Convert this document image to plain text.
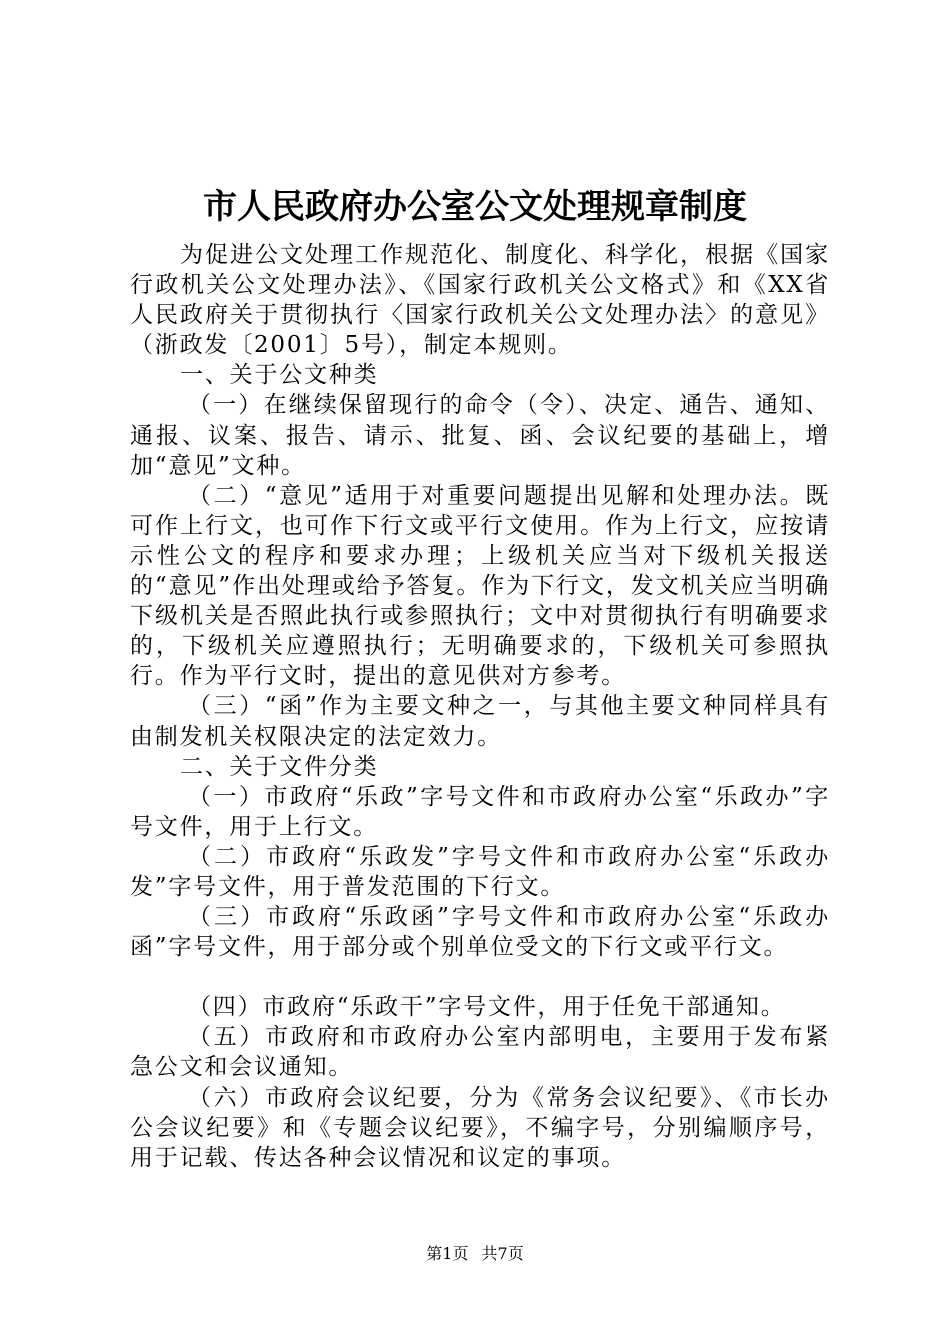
市人民政府办公室公文处理规章制度

为促进公文处理工作规范化、制度化、科学化，根据《国家行政机关公文处理办法》、《国家行政机关公文格式》和《XX省人民政府关于贯彻执行〈国家行政机关公文处理办法〉的意见》（浙政发〔2001〕5号），制定本规则。

一、关于公文种类

（一）在继续保留现行的命令（令）、决定、通告、通知、通报、议案、报告、请示、批复、函、会议纪要的基础上，增加“意见”文种。

（二）“意见”适用于对重要问题提出见解和处理办法。既可作上行文，也可作下行文或平行文使用。作为上行文，应按请示性公文的程序和要求办理；上级机关应当对下级机关报送的“意见”作出处理或给予答复。作为下行文，发文机关应当明确下级机关是否照此执行或参照执行；文中对贯彻执行有明确要求的，下级机关应遵照执行；无明确要求的，下级机关可参照执行。作为平行文时，提出的意见供对方参考。

（三）“函”作为主要文种之一，与其他主要文种同样具有由制发机关权限决定的法定效力。

二、关于文件分类

（一）市政府“乐政”字号文件和市政府办公室“乐政办”字号文件，用于上行文。

（二）市政府“乐政发”字号文件和市政府办公室“乐政办发”字号文件，用于普发范围的下行文。

（三）市政府“乐政函”字号文件和市政府办公室“乐政办函”字号文件，用于部分或个别单位受文的下行文或平行文。

（四）市政府“乐政干”字号文件，用于任免干部通知。

（五）市政府和市政府办公室内部明电，主要用于发布紧急公文和会议通知。

（六）市政府会议纪要，分为《常务会议纪要》、《市长办公会议纪要》和《专题会议纪要》，不编字号，分别编顺序号，用于记载、传达各种会议情况和议定的事项。

第1页 共7页
